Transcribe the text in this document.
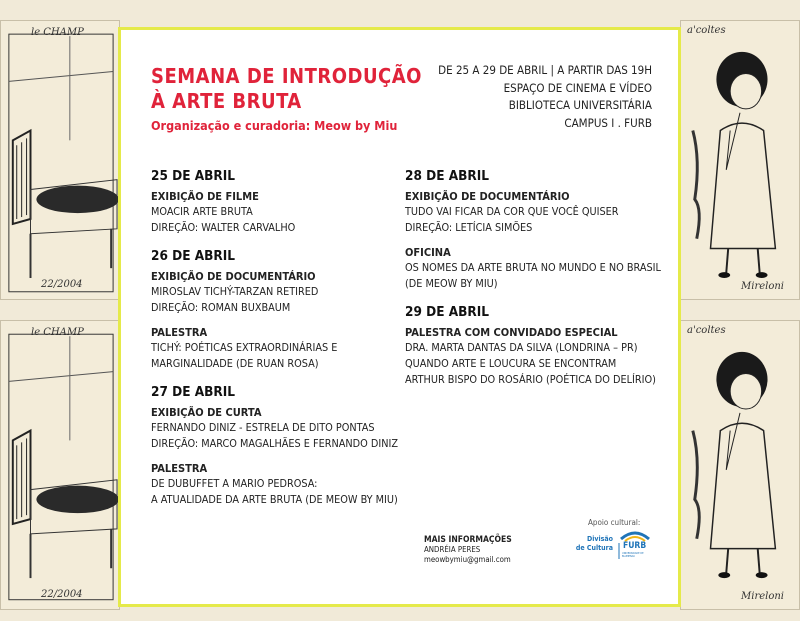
le CHAMP
22/2004
le CHAMP
22/2004
a'coltes
Mireloni
a'coltes
Mireloni
SEMANA DE INTRODUÇÃO
À ARTE BRUTA
Organização e curadoria: Meow by Miu
DE 25 A 29 DE ABRIL | A PARTIR DAS 19H
ESPAÇO DE CINEMA E VÍDEO
BIBLIOTECA UNIVERSITÁRIA
CAMPUS I . FURB
25 DE ABRIL
EXIBIÇÃO DE FILME
MOACIR ARTE BRUTA
DIREÇÃO: WALTER CARVALHO
26 DE ABRIL
EXIBIÇÃO DE DOCUMENTÁRIO
MIROSLAV TICHÝ-TARZAN RETIRED
DIREÇÃO: ROMAN BUXBAUM
PALESTRA
TICHÝ: POÉTICAS EXTRAORDINÁRIAS E
MARGINALIDADE (DE RUAN ROSA)
27 DE ABRIL
EXIBIÇÃO DE CURTA
FERNANDO DINIZ - ESTRELA DE DITO PONTAS
DIREÇÃO: MARCO MAGALHÃES E FERNANDO DINIZ
PALESTRA
DE DUBUFFET A MARIO PEDROSA:
A ATUALIDADE DA ARTE BRUTA (DE MEOW BY MIU)
28 DE ABRIL
EXIBIÇÃO DE DOCUMENTÁRIO
TUDO VAI FICAR DA COR QUE VOCÊ QUISER
DIREÇÃO: LETÍCIA SIMÕES
OFICINA
OS NOMES DA ARTE BRUTA NO MUNDO E NO BRASIL
(DE MEOW BY MIU)
29 DE ABRIL
PALESTRA COM CONVIDADO ESPECIAL
DRA. MARTA DANTAS DA SILVA (LONDRINA – PR)
QUANDO ARTE E LOUCURA SE ENCONTRAM
ARTHUR BISPO DO ROSÁRIO (POÉTICA DO DELÍRIO)
MAIS INFORMAÇÕES
ANDRÉIA PERES
meowbymiu@gmail.com
Apoio cultural:
Divisão
de Cultura FURB
UNIVERSIDADE DE BLUMENAU
